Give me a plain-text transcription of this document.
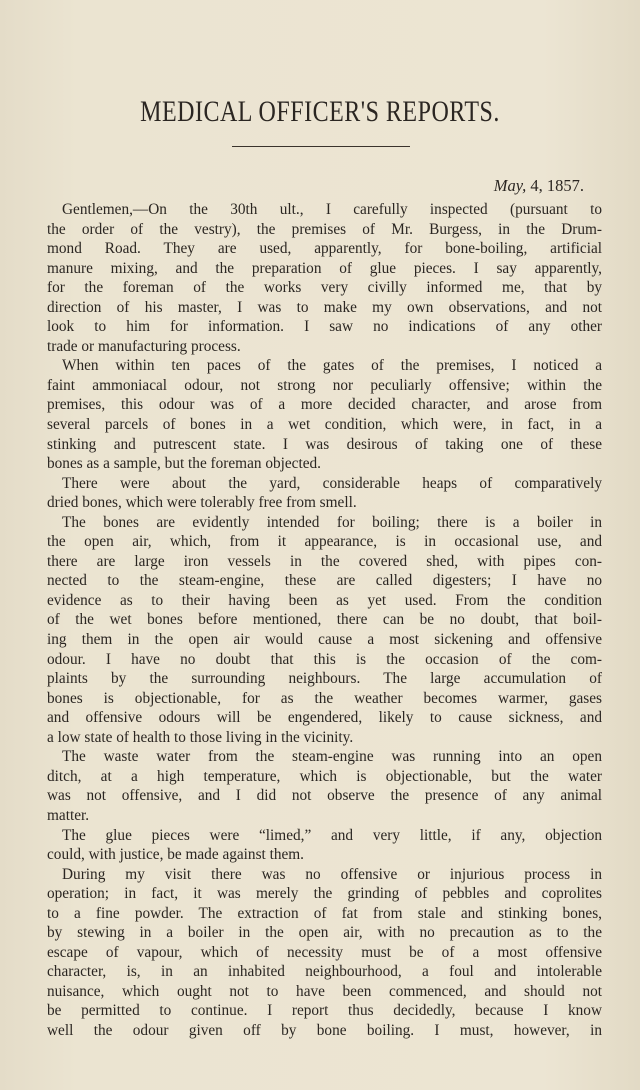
MEDICAL OFFICER'S REPORTS.
May, 4, 1857.
Gentlemen,—On the 30th ult., I carefully inspected (pursuant to
the order of the vestry), the premises of Mr. Burgess, in the Drum-
mond Road. They are used, apparently, for bone-boiling, artificial
manure mixing, and the preparation of glue pieces. I say apparently,
for the foreman of the works very civilly informed me, that by
direction of his master, I was to make my own observations, and not
look to him for information. I saw no indications of any other
trade or manufacturing process.
When within ten paces of the gates of the premises, I noticed a
faint ammoniacal odour, not strong nor peculiarly offensive; within the
premises, this odour was of a more decided character, and arose from
several parcels of bones in a wet condition, which were, in fact, in a
stinking and putrescent state. I was desirous of taking one of these
bones as a sample, but the foreman objected.
There were about the yard, considerable heaps of comparatively
dried bones, which were tolerably free from smell.
The bones are evidently intended for boiling; there is a boiler in
the open air, which, from it appearance, is in occasional use, and
there are large iron vessels in the covered shed, with pipes con-
nected to the steam-engine, these are called digesters; I have no
evidence as to their having been as yet used. From the condition
of the wet bones before mentioned, there can be no doubt, that boil-
ing them in the open air would cause a most sickening and offensive
odour. I have no doubt that this is the occasion of the com-
plaints by the surrounding neighbours. The large accumulation of
bones is objectionable, for as the weather becomes warmer, gases
and offensive odours will be engendered, likely to cause sickness, and
a low state of health to those living in the vicinity.
The waste water from the steam-engine was running into an open
ditch, at a high temperature, which is objectionable, but the water
was not offensive, and I did not observe the presence of any animal
matter.
The glue pieces were “limed,” and very little, if any, objection
could, with justice, be made against them.
During my visit there was no offensive or injurious process in
operation; in fact, it was merely the grinding of pebbles and coprolites
to a fine powder. The extraction of fat from stale and stinking bones,
by stewing in a boiler in the open air, with no precaution as to the
escape of vapour, which of necessity must be of a most offensive
character, is, in an inhabited neighbourhood, a foul and intolerable
nuisance, which ought not to have been commenced, and should not
be permitted to continue. I report thus decidedly, because I know
well the odour given off by bone boiling. I must, however, in
